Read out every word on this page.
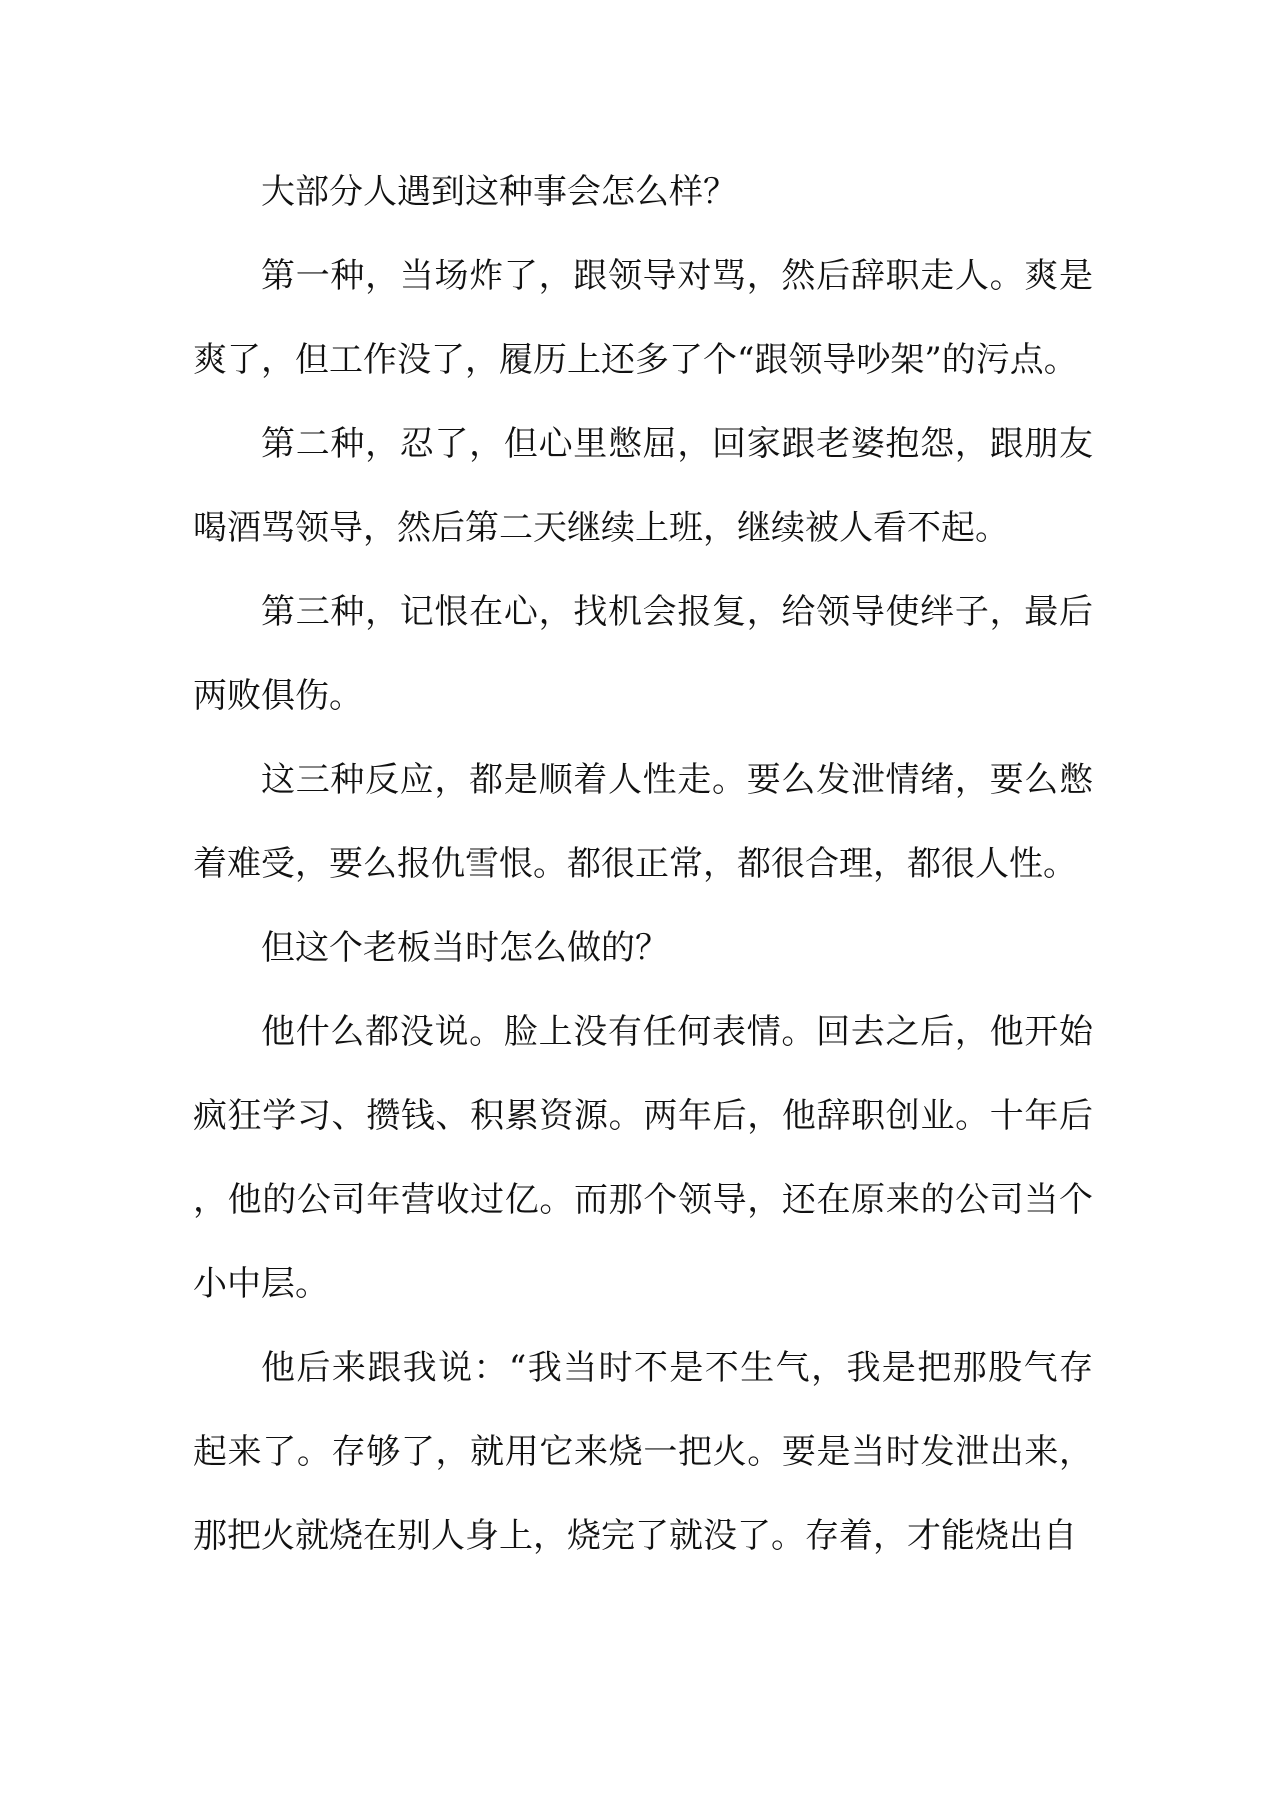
大部分人遇到这种事会怎么样？

第一种，当场炸了，跟领导对骂，然后辞职走人。爽是爽了，但工作没了，履历上还多了个“跟领导吵架”的污点。

第二种，忍了，但心里憋屈，回家跟老婆抱怨，跟朋友喝酒骂领导，然后第二天继续上班，继续被人看不起。

第三种，记恨在心，找机会报复，给领导使绊子，最后两败俱伤。

这三种反应，都是顺着人性走。要么发泄情绪，要么憋着难受，要么报仇雪恨。都很正常，都很合理，都很人性。

但这个老板当时怎么做的？

他什么都没说。脸上没有任何表情。回去之后，他开始疯狂学习、攒钱、积累资源。两年后，他辞职创业。十年后，他的公司年营收过亿。而那个领导，还在原来的公司当个小中层。

他后来跟我说：“我当时不是不生气，我是把那股气存起来了。存够了，就用它来烧一把火。要是当时发泄出来，那把火就烧在别人身上，烧完了就没了。存着，才能烧出自
